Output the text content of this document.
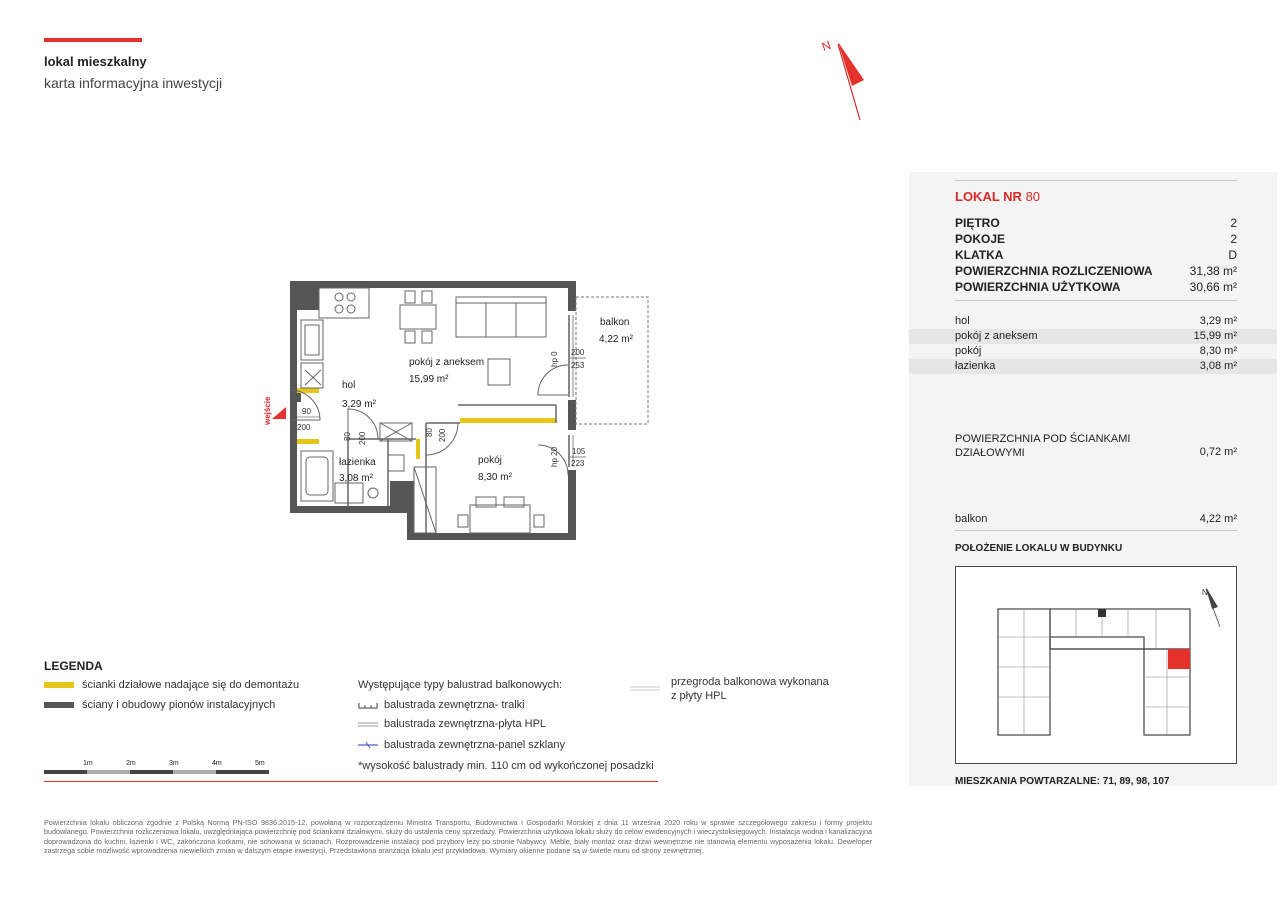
lokal mieszkalny
karta informacyjna inwestycji
N
wejście
balkon
4,22 m²
pokój z aneksem
15,99 m²
hol
3,29 m²
łazienka
3,08 m²
pokój
8,30 m²
90
200
80 200	80 200
hp 0 200
253
hp 20 105
223
LOKAL NR 80
PIĘTRO	2
POKOJE	2
KLATKA	D
POWIERZCHNIA ROZLICZENIOWA	31,38 m²
POWIERZCHNIA UŻYTKOWA	30,66 m²
hol	3,29 m²
pokój z aneksem	15,99 m²
pokój	8,30 m²
łazienka	3,08 m²
POWIERZCHNIA POD ŚCIANKAMI
DZIAŁOWYMI	0,72 m²
balkon	4,22 m²
POŁOŻENIE LOKALU W BUDYNKU
N
MIESZKANIA POWTARZALNE: 71, 89, 98, 107
LEGENDA
ścianki działowe nadające się do demontażu
ściany i obudowy pionów instalacyjnych
Występujące typy balustrad balkonowych:
balustrada zewnętrzna- tralki
balustrada zewnętrzna-płyta HPL
balustrada zewnętrzna-panel szklany
*wysokość balustrady min. 110 cm od wykończonej posadzki
przegroda balkonowa wykonana
z płyty HPL
1m	2m	3m	4m	5m
Powierzchnia lokalu obliczona zgodnie z Polską Normą PN-ISO 9836:2015-12, powołaną w rozporządzeniu Ministra Transportu, Budownictwa i Gospodarki Morskiej z dnia 11 września 2020 roku w sprawie szczegółowego zakresu i formy projektu budowlanego. Powierzchnia rozliczeniowa lokalu, uwzględniająca powierzchnię pod ściankami działowymi, służy do ustalenia ceny sprzedaży. Powierzchnia użytkowa lokalu służy do celów ewidencyjnych i wieczystoksięgowych. Instalacja wodna i kanalizacyjna doprowadzona do kuchni, łazienki i WC, zakończona korkami, nie schowana w ścianach. Rozprowadzenie instalacji pod przybory leży po stronie Nabywcy. Meble, biały montaż oraz drzwi wewnętrzne nie stanowią elementu wyposażenia lokalu. Deweloper zastrzega sobie możliwość wprowadzenia niewielkich zmian w dalszym etapie inwestycji. Przedstawiona aranżacja lokalu jest przykładowa. Wymiary okienne podane są w świetle muru od strony zewnętrznej.
